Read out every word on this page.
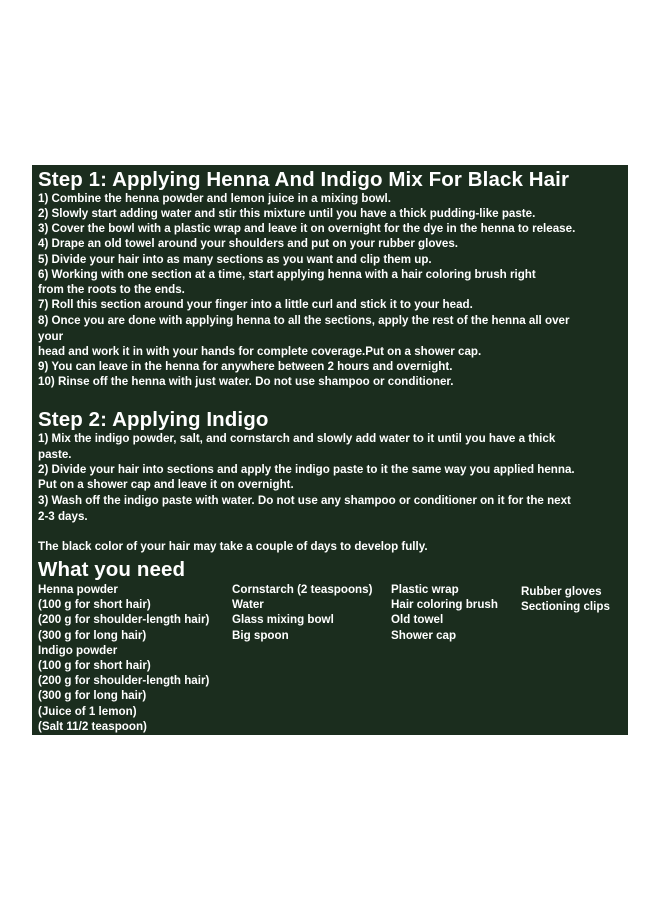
Step 1: Applying Henna And Indigo Mix For Black Hair
1) Combine the henna powder and lemon juice in a mixing bowl.
2) Slowly start adding water and stir this mixture until you have a thick pudding-like paste.
3) Cover the bowl with a plastic wrap and leave it on overnight for the dye in the henna to release.
4) Drape an old towel around your shoulders and put on your rubber gloves.
5) Divide your hair into as many sections as you want and clip them up.
6) Working with one section at a time, start applying henna with a hair coloring brush right
from the roots to the ends.
7) Roll this section around your finger into a little curl and stick it to your head.
8) Once you are done with applying henna to all the sections, apply the rest of the henna all over
your
head and work it in with your hands for complete coverage.Put on a shower cap.
9) You can leave in the henna for anywhere between 2 hours and overnight.
10) Rinse off the henna with just water. Do not use shampoo or conditioner.
Step 2: Applying Indigo
1) Mix the indigo powder, salt, and cornstarch and slowly add water to it until you have a thick
paste.
2) Divide your hair into sections and apply the indigo paste to it the same way you applied henna.
Put on a shower cap and leave it on overnight.
3) Wash off the indigo paste with water. Do not use any shampoo or conditioner on it for the next
2-3 days.
The black color of your hair may take a couple of days to develop fully.
What you need
Henna powder
(100 g for short hair)
(200 g for shoulder-length hair)
(300 g for long hair)
Indigo powder
(100 g for short hair)
(200 g for shoulder-length hair)
(300 g for long hair)
(Juice of 1 lemon)
(Salt 11/2 teaspoon)
Cornstarch (2 teaspoons)
Water
Glass mixing bowl
Big spoon
Plastic wrap
Hair coloring brush
Old towel
Shower cap
Rubber gloves
Sectioning clips
